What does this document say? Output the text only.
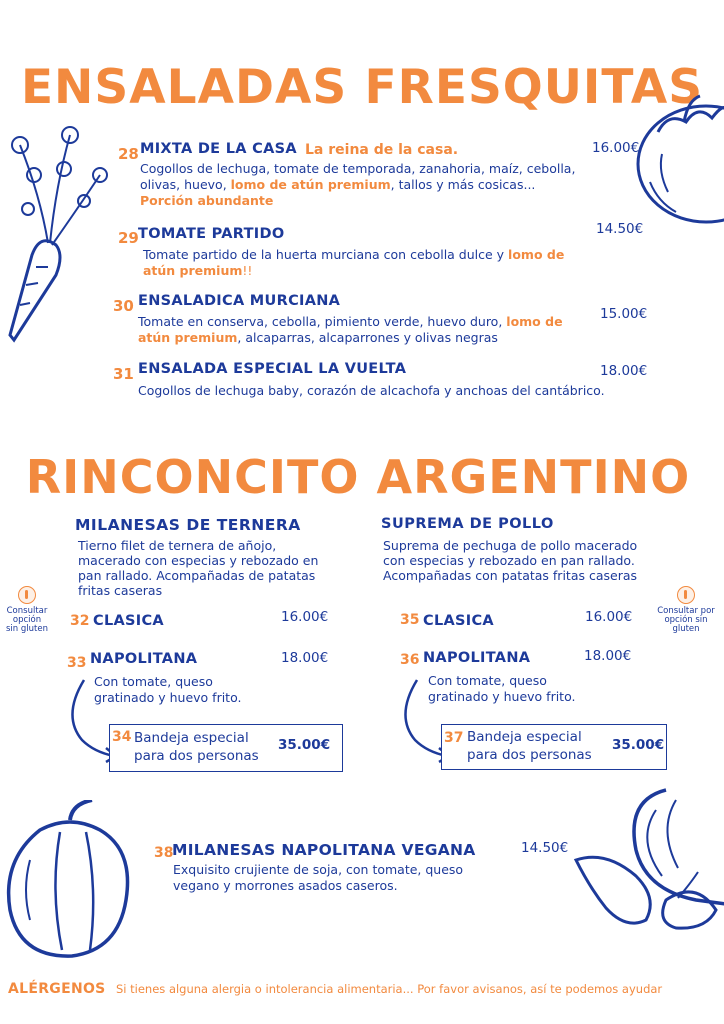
ENSALADAS FRESQUITAS
28 MIXTA DE LA CASA La reina de la casa.	16.00€
Cogollos de lechuga, tomate de temporada, zanahoria, maíz, cebolla,
olivas, huevo, lomo de atún premium, tallos y más cosicas...
Porción abundante
29 TOMATE PARTIDO	14.50€
Tomate partido de la huerta murciana con cebolla dulce y lomo de atún premium!!
30 ENSALADICA MURCIANA
15.00€
Tomate en conserva, cebolla, pimiento verde, huevo duro, lomo de atún premium, alcaparras, alcaparrones y olivas negras
31 ENSALADA ESPECIAL LA VUELTA	18.00€
Cogollos de lechuga baby, corazón de alcachofa y anchoas del cantábrico.
RINCONCITO ARGENTINO
MILANESAS DE TERNERA
Tierno filet de ternera de añojo, macerado con especias y rebozado en pan rallado. Acompañadas de patatas fritas caseras
32 CLASICA	16.00€
33 NAPOLITANA	18.00€
Con tomate, queso gratinado y huevo frito.
34 Bandeja especial para dos personas
35.00€
SUPREMA DE POLLO
Suprema de pechuga de pollo macerado con especias y rebozado en pan rallado. Acompañadas con patatas fritas caseras
35 CLASICA	16.00€
36 NAPOLITANA	18.00€
Con tomate, queso gratinado y huevo frito.
37 Bandeja especial para dos personas
35.00€
Consultar opción sin gluten
Consultar por opción sin gluten
38
MILANESAS NAPOLITANA VEGANA	14.50€
Exquisito crujiente de soja, con tomate, queso vegano y morrones asados caseros.
ALÉRGENOS Si tienes alguna alergia o intolerancia alimentaria... Por favor avisanos, así te podemos ayudar
